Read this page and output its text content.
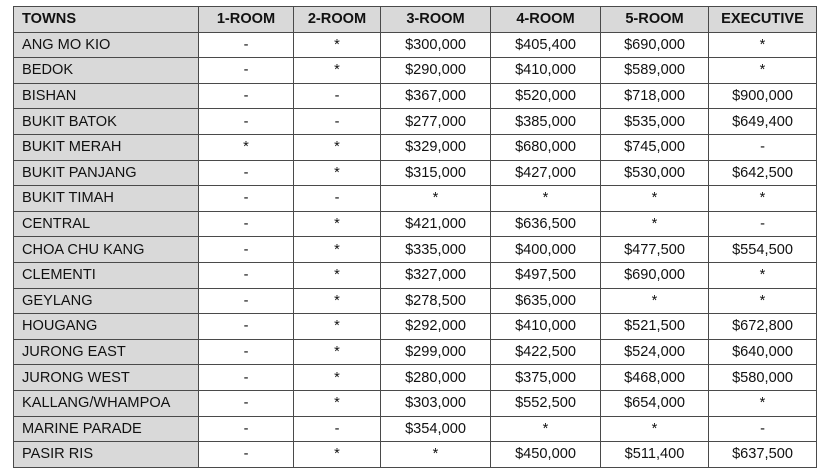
TOWNS	1-ROOM	2-ROOM	3-ROOM	4-ROOM	5-ROOM	EXECUTIVE
ANG MO KIO	-	*	$300,000	$405,400	$690,000	*
BEDOK	-	*	$290,000	$410,000	$589,000	*
BISHAN	-	-	$367,000	$520,000	$718,000	$900,000
BUKIT BATOK	-	-	$277,000	$385,000	$535,000	$649,400
BUKIT MERAH	*	*	$329,000	$680,000	$745,000	-
BUKIT PANJANG	-	*	$315,000	$427,000	$530,000	$642,500
BUKIT TIMAH	-	-	*	*	*	*
CENTRAL	-	*	$421,000	$636,500	*	-
CHOA CHU KANG	-	*	$335,000	$400,000	$477,500	$554,500
CLEMENTI	-	*	$327,000	$497,500	$690,000	*
GEYLANG	-	*	$278,500	$635,000	*	*
HOUGANG	-	*	$292,000	$410,000	$521,500	$672,800
JURONG EAST	-	*	$299,000	$422,500	$524,000	$640,000
JURONG WEST	-	*	$280,000	$375,000	$468,000	$580,000
KALLANG/WHAMPOA	-	*	$303,000	$552,500	$654,000	*
MARINE PARADE	-	-	$354,000	*	*	-
PASIR RIS	-	*	*	$450,000	$511,400	$637,500
